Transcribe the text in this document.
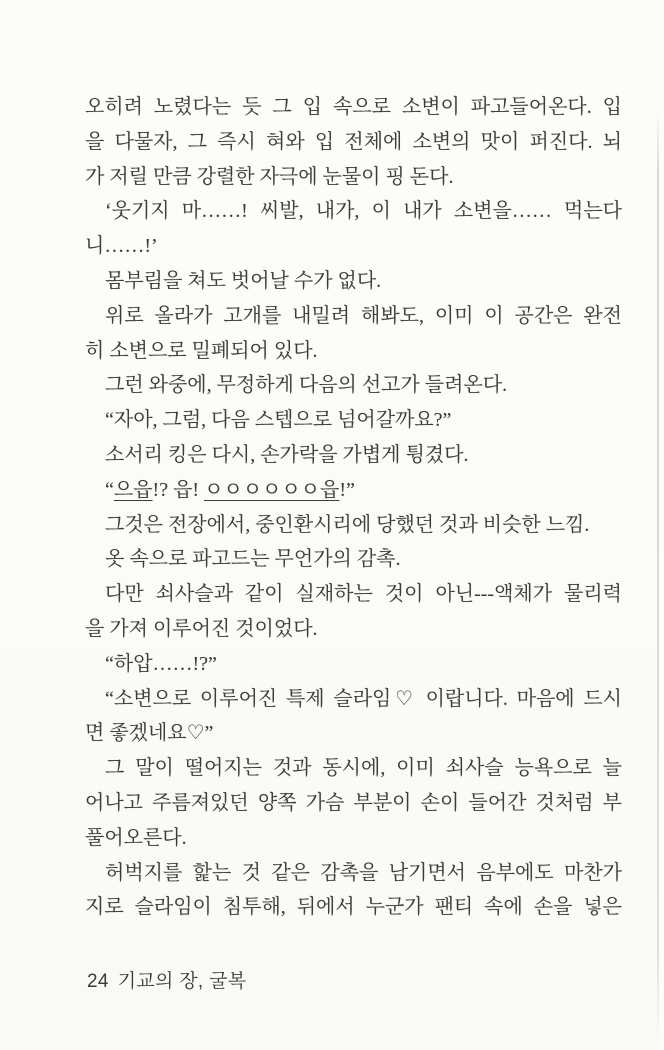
오히려 노렸다는 듯 그 입 속으로 소변이 파고들어온다. 입

을 다물자, 그 즉시 혀와 입 전체에 소변의 맛이 퍼진다. 뇌

가 저릴 만큼 강렬한 자극에 눈물이 핑 돈다.

‘웃기지 마……! 씨발, 내가, 이 내가 소변을…… 먹는다

니……!’

몸부림을 쳐도 벗어날 수가 없다.

위로 올라가 고개를 내밀려 해봐도, 이미 이 공간은 완전

히 소변으로 밀폐되어 있다.

그런 와중에, 무정하게 다음의 선고가 들려온다.

“자아, 그럼, 다음 스텝으로 넘어갈까요?”

소서리 킹은 다시, 손가락을 가볍게 튕겼다.

“으읍!? 읍! ㅇㅇㅇㅇㅇㅇ읍!”

그것은 전장에서, 중인환시리에 당했던 것과 비슷한 느낌.

옷 속으로 파고드는 무언가의 감촉.

다만 쇠사슬과 같이 실재하는 것이 아닌---액체가 물리력

을 가져 이루어진 것이었다.

“하압……!?”

“소변으로 이루어진 특제 슬라임♡ 이랍니다. 마음에 드시

면 좋겠네요♡”

그 말이 떨어지는 것과 동시에, 이미 쇠사슬 능욕으로 늘

어나고 주름져있던 양쪽 가슴 부분이 손이 들어간 것처럼 부

풀어오른다.

허벅지를 핥는 것 같은 감촉을 남기면서 음부에도 마찬가

지로 슬라임이 침투해, 뒤에서 누군가 팬티 속에 손을 넣은

24 기교의 장, 굴복
